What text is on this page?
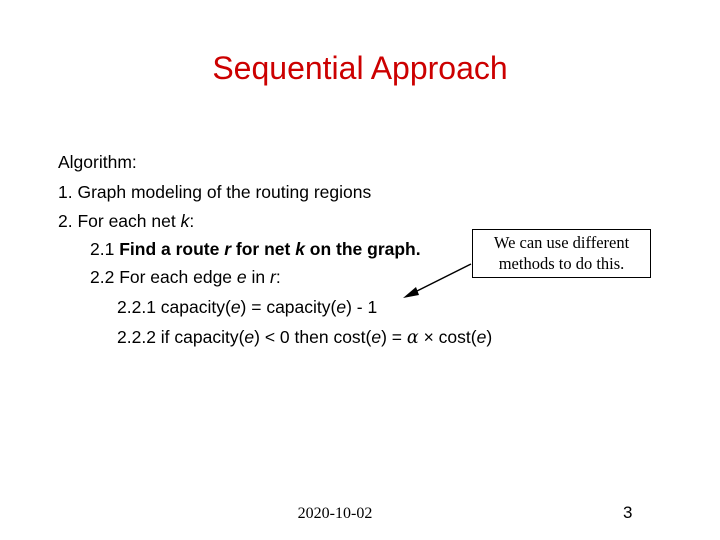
Sequential Approach
Algorithm:
1. Graph modeling of the routing regions
2. For each net k:
2.1 Find a route r for net k on the graph.
2.2 For each edge e in r:
2.2.1 capacity(e) = capacity(e) - 1
2.2.2 if capacity(e) < 0 then cost(e) = α × cost(e)
We can use different
methods to do this.
2020-10-02	3
